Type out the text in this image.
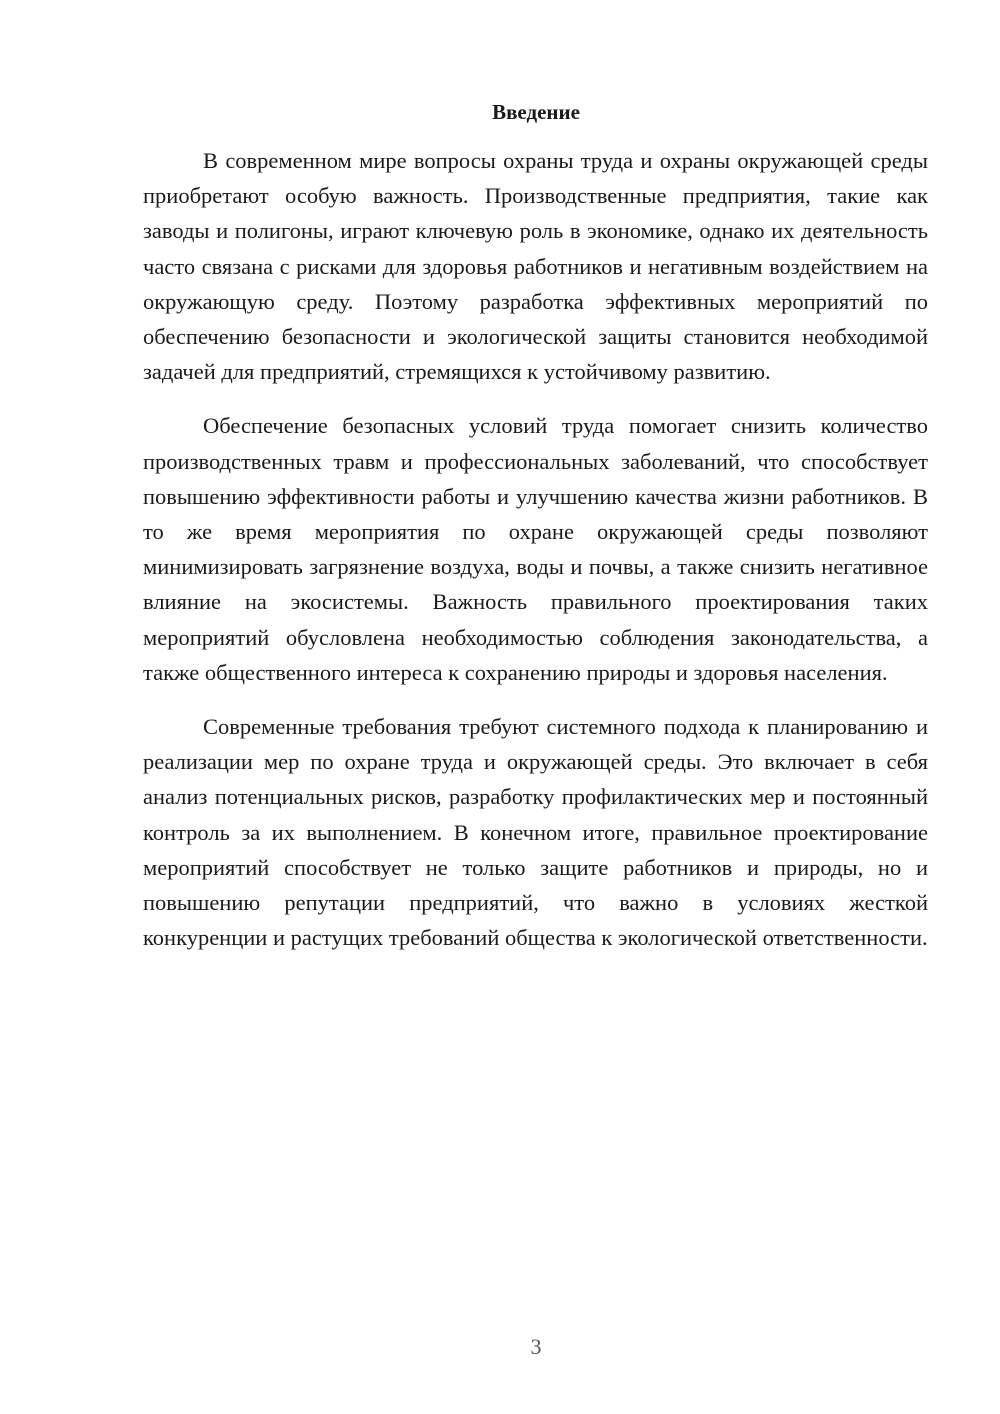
Введение

В современном мире вопросы охраны труда и охраны окружающей среды приобретают особую важность. Производственные предприятия, такие как заводы и полигоны, играют ключевую роль в экономике, однако их деятельность часто связана с рисками для здоровья работников и негативным воздействием на окружающую среду. Поэтому разработка эффективных мероприятий по обеспечению безопасности и экологической защиты становится необходимой задачей для предприятий, стремящихся к устойчивому развитию.

Обеспечение безопасных условий труда помогает снизить количество производственных травм и профессиональных заболеваний, что способствует повышению эффективности работы и улучшению качества жизни работников. В то же время мероприятия по охране окружающей среды позволяют минимизировать загрязнение воздуха, воды и почвы, а также снизить негативное влияние на экосистемы. Важность правильного проектирования таких мероприятий обусловлена необходимостью соблюдения законодательства, а также общественного интереса к сохранению природы и здоровья населения.

Современные требования требуют системного подхода к планированию и реализации мер по охране труда и окружающей среды. Это включает в себя анализ потенциальных рисков, разработку профилактических мер и постоянный контроль за их выполнением. В конечном итоге, правильное проектирование мероприятий способствует не только защите работников и природы, но и повышению репутации предприятий, что важно в условиях жесткой конкуренции и растущих требований общества к экологической ответственности.

3
